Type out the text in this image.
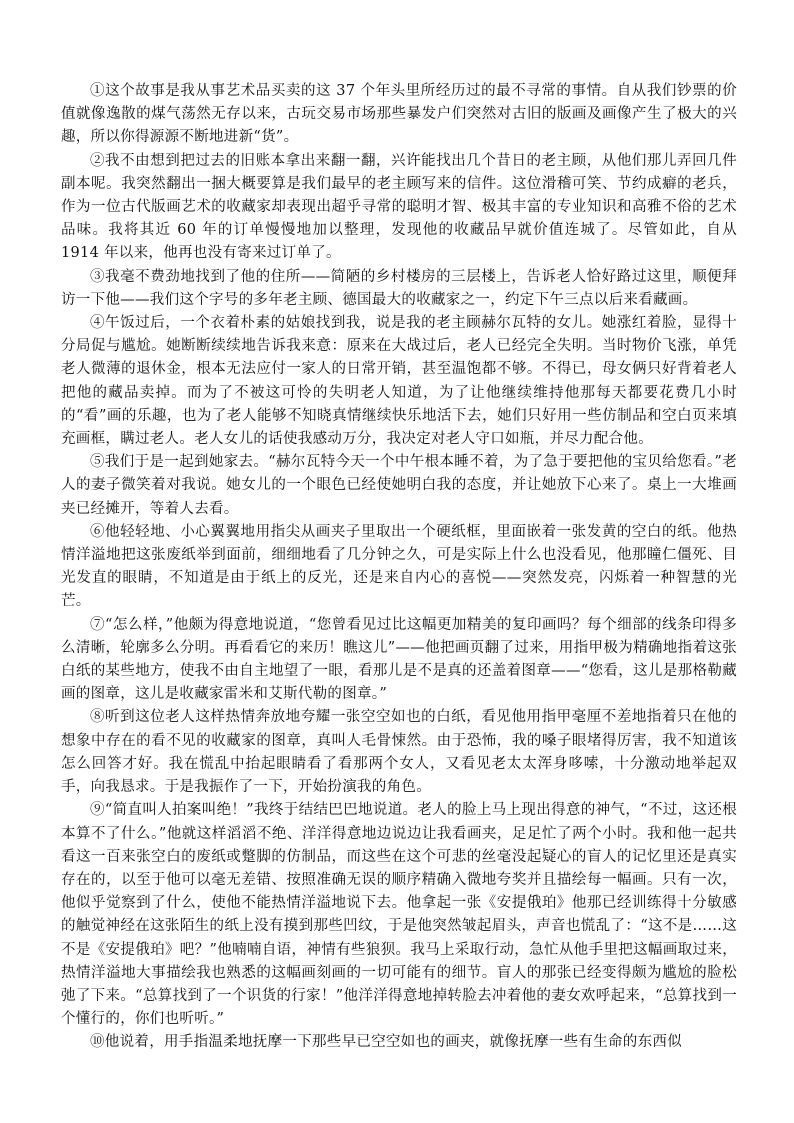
①这个故事是我从事艺术品买卖的这 37 个年头里所经历过的最不寻常的事情。自从我们钞票的价值就像逸散的煤气荡然无存以来，古玩交易市场那些暴发户们突然对古旧的版画及画像产生了极大的兴趣，所以你得源源不断地进新“货”。

②我不由想到把过去的旧账本拿出来翻一翻，兴许能找出几个昔日的老主顾，从他们那儿弄回几件副本呢。我突然翻出一捆大概要算是我们最早的老主顾写来的信件。这位滑稽可笑、节约成癖的老兵，作为一位古代版画艺术的收藏家却表现出超乎寻常的聪明才智、极其丰富的专业知识和高雅不俗的艺术品味。我将其近 60 年的订单慢慢地加以整理，发现他的收藏品早就价值连城了。尽管如此，自从 1914 年以来，他再也没有寄来过订单了。

③我毫不费劲地找到了他的住所——简陋的乡村楼房的三层楼上，告诉老人恰好路过这里，顺便拜访一下他——我们这个字号的多年老主顾、德国最大的收藏家之一，约定下午三点以后来看藏画。

④午饭过后，一个衣着朴素的姑娘找到我，说是我的老主顾赫尔瓦特的女儿。她涨红着脸，显得十分局促与尴尬。她断断续续地告诉我来意：原来在大战过后，老人已经完全失明。当时物价飞涨，单凭老人微薄的退休金，根本无法应付一家人的日常开销，甚至温饱都不够。不得已，母女俩只好背着老人把他的藏品卖掉。而为了不被这可怜的失明老人知道，为了让他继续维持他那每天都要花费几小时的“看”画的乐趣，也为了老人能够不知晓真情继续快乐地活下去，她们只好用一些仿制品和空白页来填充画框，瞒过老人。老人女儿的话使我感动万分，我决定对老人守口如瓶，并尽力配合他。

⑤我们于是一起到她家去。“赫尔瓦特今天一个中午根本睡不着，为了急于要把他的宝贝给您看。”老人的妻子微笑着对我说。她女儿的一个眼色已经使她明白我的态度，并让她放下心来了。桌上一大堆画夹已经摊开，等着人去看。

⑥他轻轻地、小心翼翼地用指尖从画夹子里取出一个硬纸框，里面嵌着一张发黄的空白的纸。他热情洋溢地把这张废纸举到面前，细细地看了几分钟之久，可是实际上什么也没看见，他那瞳仁僵死、目光发直的眼睛，不知道是由于纸上的反光，还是来自内心的喜悦——突然发亮，闪烁着一种智慧的光芒。

⑦“怎么样，”他颇为得意地说道，“您曾看见过比这幅更加精美的复印画吗？每个细部的线条印得多么清晰，轮廓多么分明。再看看它的来历！瞧这儿”——他把画页翻了过来，用指甲极为精确地指着这张白纸的某些地方，使我不由自主地望了一眼，看那儿是不是真的还盖着图章——“您看，这儿是那格勒藏画的图章，这儿是收藏家雷米和艾斯代勒的图章。”

⑧听到这位老人这样热情奔放地夸耀一张空空如也的白纸，看见他用指甲毫厘不差地指着只在他的想象中存在的看不见的收藏家的图章，真叫人毛骨悚然。由于恐怖，我的嗓子眼堵得厉害，我不知道该怎么回答才好。我在慌乱中抬起眼睛看了看那两个女人，又看见老太太浑身哆嗦，十分激动地举起双手，向我恳求。于是我振作了一下，开始扮演我的角色。

⑨“简直叫人拍案叫绝！”我终于结结巴巴地说道。老人的脸上马上现出得意的神气，“不过，这还根本算不了什么。”他就这样滔滔不绝、洋洋得意地边说边让我看画夹，足足忙了两个小时。我和他一起共看这一百来张空白的废纸或蹩脚的仿制品，而这些在这个可悲的丝毫没起疑心的盲人的记忆里还是真实存在的，以至于他可以毫无差错、按照准确无误的顺序精确入微地夸奖并且描绘每一幅画。只有一次，他似乎觉察到了什么，使他不能热情洋溢地说下去。他拿起一张《安提俄珀》他那已经训练得十分敏感的触觉神经在这张陌生的纸上没有摸到那些凹纹，于是他突然皱起眉头，声音也慌乱了：“这不是……这不是《安提俄珀》吧？”他喃喃自语，神情有些狼狈。我马上采取行动，急忙从他手里把这幅画取过来，热情洋溢地大事描绘我也熟悉的这幅画刻画的一切可能有的细节。盲人的那张已经变得颇为尴尬的脸松弛了下来。“总算找到了一个识货的行家！”他洋洋得意地掉转脸去冲着他的妻女欢呼起来，“总算找到一个懂行的，你们也听听。”

⑩他说着，用手指温柔地抚摩一下那些早已空空如也的画夹，就像抚摩一些有生命的东西似
